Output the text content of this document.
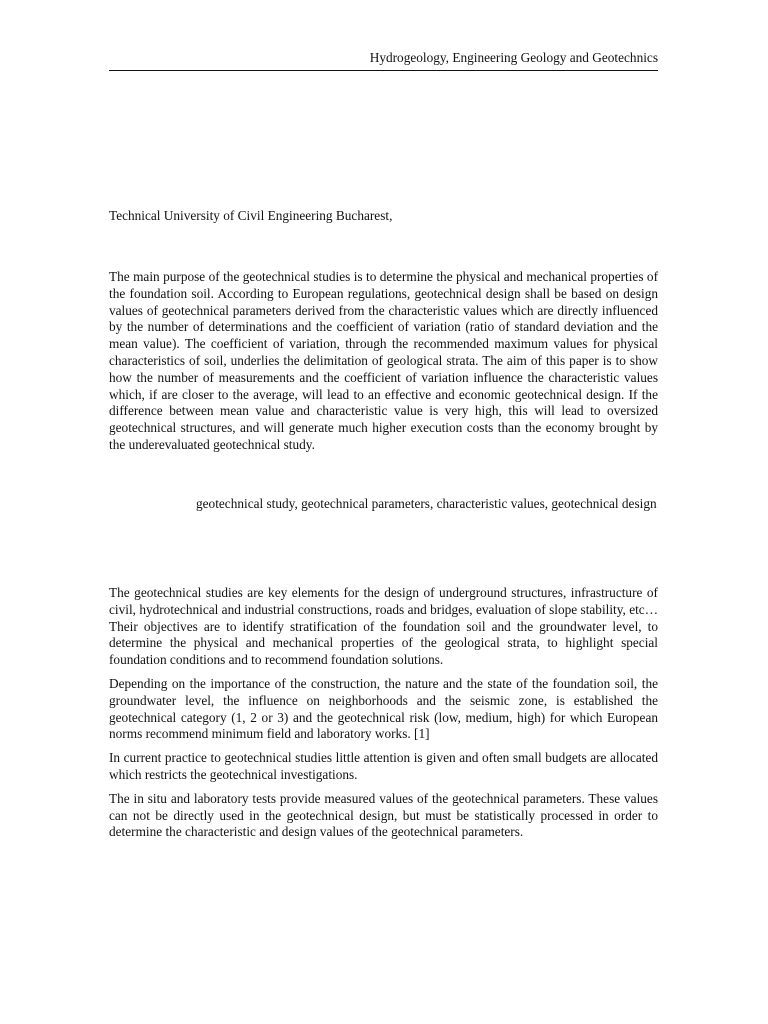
Hydrogeology, Engineering Geology and Geotechnics
Technical University of Civil Engineering Bucharest,

The main purpose of the geotechnical studies is to determine the physical and mechanical properties of the foundation soil. According to European regulations, geotechnical design shall be based on design values of geotechnical parameters derived from the characteristic values which are directly influenced by the number of determinations and the coefficient of variation (ratio of standard deviation and the mean value). The coefficient of variation, through the recommended maximum values for physical characteristics of soil, underlies the delimitation of geological strata. The aim of this paper is to show how the number of measurements and the coefficient of variation influence the characteristic values which, if are closer to the average, will lead to an effective and economic geotechnical design. If the difference between mean value and characteristic value is very high, this will lead to oversized geotechnical structures, and will generate much higher execution costs than the economy brought by the underevaluated geotechnical study.

geotechnical study, geotechnical parameters, characteristic values, geotechnical design

The geotechnical studies are key elements for the design of underground structures, infrastructure of civil, hydrotechnical and industrial constructions, roads and bridges, evaluation of slope stability, etc… Their objectives are to identify stratification of the foundation soil and the groundwater level, to determine the physical and mechanical properties of the geological strata, to highlight special foundation conditions and to recommend foundation solutions.

Depending on the importance of the construction, the nature and the state of the foundation soil, the groundwater level, the influence on neighborhoods and the seismic zone, is established the geotechnical category (1, 2 or 3) and the geotechnical risk (low, medium, high) for which European norms recommend minimum field and laboratory works. [1]

In current practice to geotechnical studies little attention is given and often small budgets are allocated which restricts the geotechnical investigations.

The in situ and laboratory tests provide measured values of the geotechnical parameters. These values can not be directly used in the geotechnical design, but must be statistically processed in order to determine the characteristic and design values of the geotechnical parameters.
